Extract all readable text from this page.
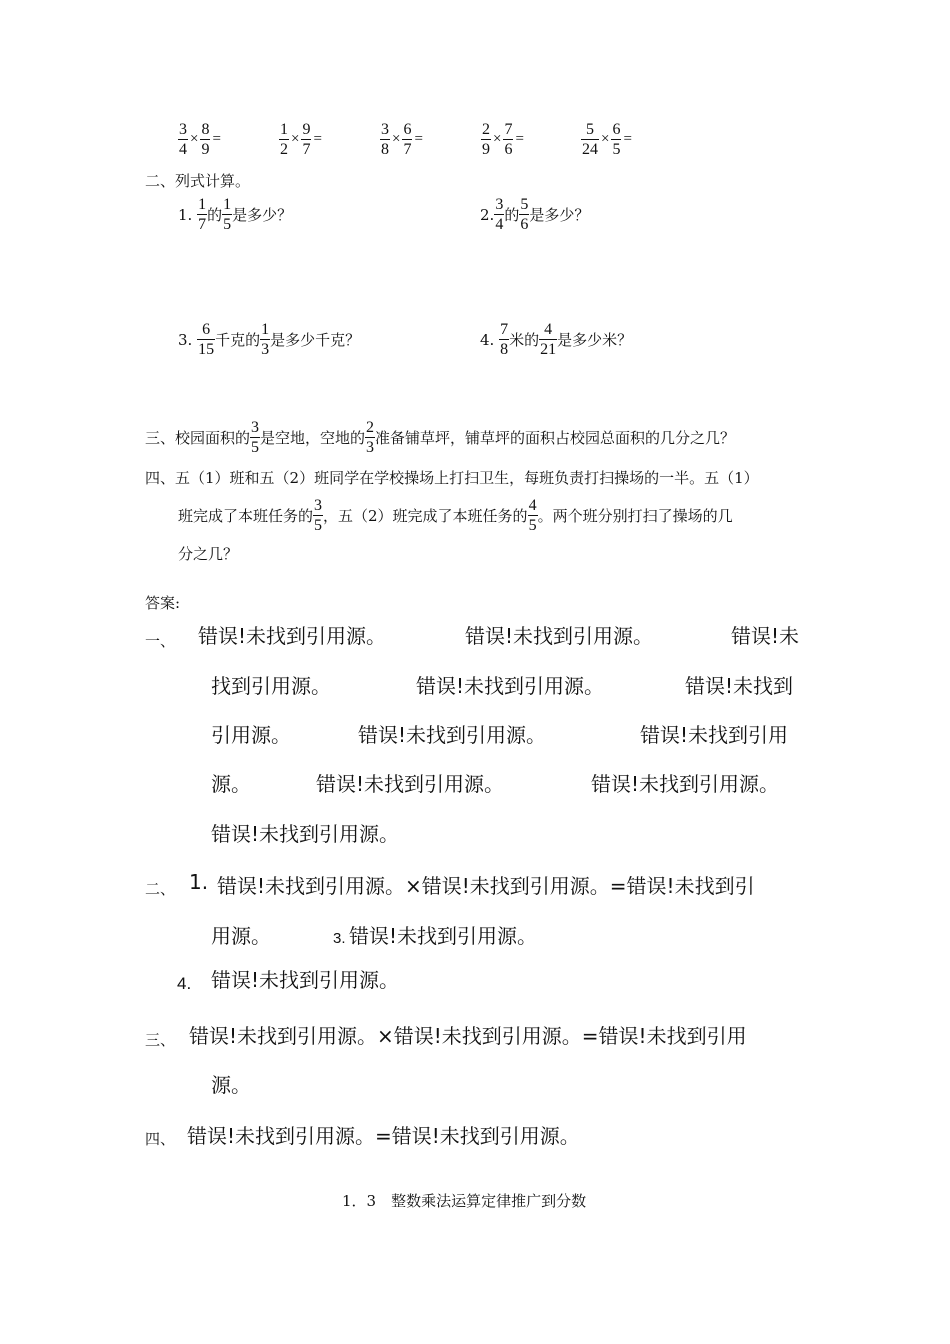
$\frac{3}{4} \times \frac{8}{9}$ =	$\frac{1}{2} \times \frac{9}{7}$ =	$\frac{3}{8} \times \frac{6}{7}$ =	$\frac{2}{9} \times \frac{7}{6}$ =	$\frac{5}{24} \times \frac{6}{5}$ =
二、列式计算。
1. $\frac{1}{7}$ 的 $\frac{1}{5}$ 是多少？	2. $\frac{3}{4}$ 的 $\frac{5}{6}$ 是多少？
3. $\frac{6}{15}$ 千克的 $\frac{1}{3}$ 是多少千克？	4. $\frac{7}{8}$ 米的 $\frac{4}{21}$ 是多少米？
三、校园面积的 $\frac{3}{5}$ 是空地，空地的 $\frac{2}{3}$ 准备铺草坪，铺草坪的面积占校园总面积的几分之几？
四、五（1）班和五（2）班同学在学校操场上打扫卫生，每班负责打扫操场的一半。五（1）
班完成了本班任务的 $\frac{3}{5}$ ，五（2）班完成了本班任务的 $\frac{4}{5}$ 。两个班分别打扫了操场的几
分之几？
答案:
一、 错误!未找到引用源。	错误!未找到引用源。	错误!未
找到引用源。	错误!未找到引用源。	错误!未找到
引用源。	错误!未找到引用源。	错误!未找到引用
源。	错误!未找到引用源。	错误!未找到引用源。
错误!未找到引用源。
二、 1. 错误!未找到引用源。×错误!未找到引用源。=错误!未找到引
用源。	3. 错误!未找到引用源。
4. 错误!未找到引用源。
三、 错误!未找到引用源。×错误!未找到引用源。=错误!未找到引用
源。
四、 错误!未找到引用源。=错误!未找到引用源。
1．3　整数乘法运算定律推广到分数
